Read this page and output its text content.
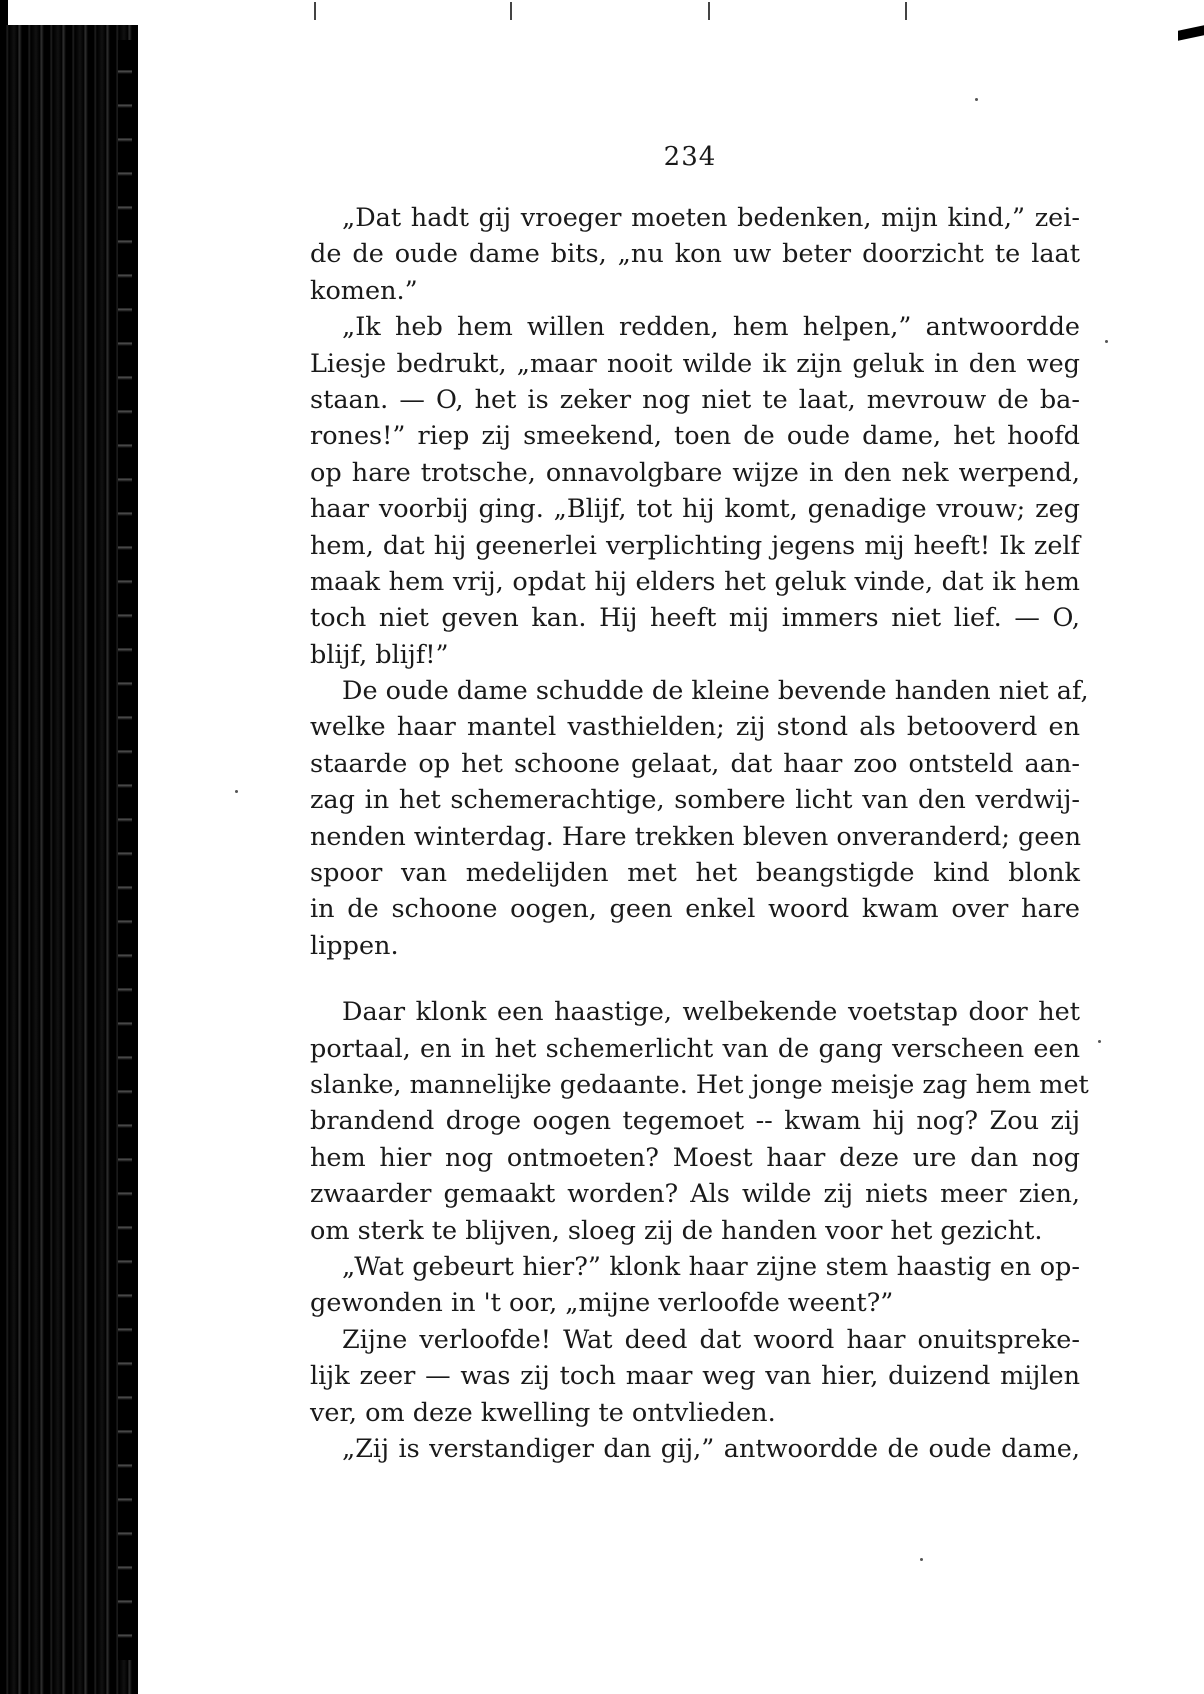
234
„Dat hadt gij vroeger moeten bedenken, mijn kind,” zei-
de de oude dame bits, „nu kon uw beter doorzicht te laat
komen.”
„Ik heb hem willen redden, hem helpen,” antwoordde
Liesje bedrukt, „maar nooit wilde ik zijn geluk in den weg
staan. — O, het is zeker nog niet te laat, mevrouw de ba-
rones!” riep zij smeekend, toen de oude dame, het hoofd
op hare trotsche, onnavolgbare wijze in den nek werpend,
haar voorbij ging. „Blijf, tot hij komt, genadige vrouw; zeg
hem, dat hij geenerlei verplichting jegens mij heeft! Ik zelf
maak hem vrij, opdat hij elders het geluk vinde, dat ik hem
toch niet geven kan. Hij heeft mij immers niet lief. — O,
blijf, blijf!”
De oude dame schudde de kleine bevende handen niet af,
welke haar mantel vasthielden; zij stond als betooverd en
staarde op het schoone gelaat, dat haar zoo ontsteld aan-
zag in het schemerachtige, sombere licht van den verdwij-
nenden winterdag. Hare trekken bleven onveranderd; geen
spoor van medelijden met het beangstigde kind blonk
in de schoone oogen, geen enkel woord kwam over hare
lippen.
Daar klonk een haastige, welbekende voetstap door het
portaal, en in het schemerlicht van de gang verscheen een
slanke, mannelijke gedaante. Het jonge meisje zag hem met
brandend droge oogen tegemoet -- kwam hij nog? Zou zij
hem hier nog ontmoeten? Moest haar deze ure dan nog
zwaarder gemaakt worden? Als wilde zij niets meer zien,
om sterk te blijven, sloeg zij de handen voor het gezicht.
„Wat gebeurt hier?” klonk haar zijne stem haastig en op-
gewonden in 't oor, „mijne verloofde weent?”
Zijne verloofde! Wat deed dat woord haar onuitspreke-
lijk zeer — was zij toch maar weg van hier, duizend mijlen
ver, om deze kwelling te ontvlieden.
„Zij is verstandiger dan gij,” antwoordde de oude dame,
